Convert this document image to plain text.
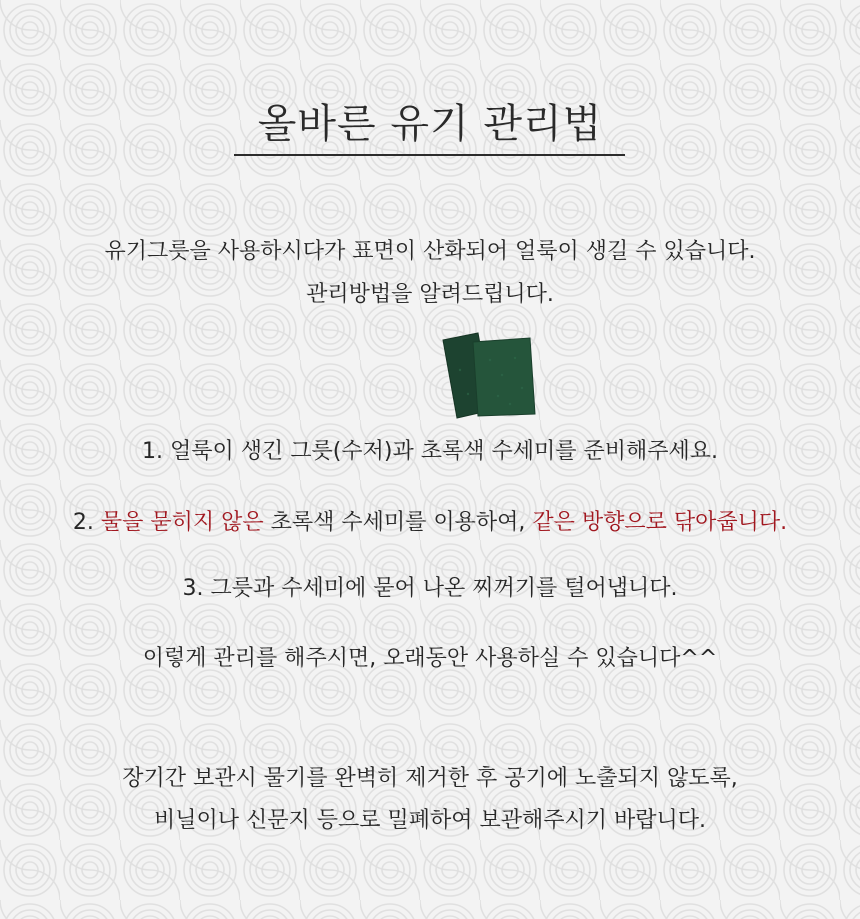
올바른 유기 관리법
유기그릇을 사용하시다가 표면이 산화되어 얼룩이 생길 수 있습니다.
관리방법을 알려드립니다.
1. 얼룩이 생긴 그릇(수저)과 초록색 수세미를 준비해주세요.
2. 물을 묻히지 않은 초록색 수세미를 이용하여, 같은 방향으로 닦아줍니다.
3. 그릇과 수세미에 묻어 나온 찌꺼기를 털어냅니다.
이렇게 관리를 해주시면, 오래동안 사용하실 수 있습니다^^
장기간 보관시 물기를 완벽히 제거한 후 공기에 노출되지 않도록,
비닐이나 신문지 등으로 밀폐하여 보관해주시기 바랍니다.
